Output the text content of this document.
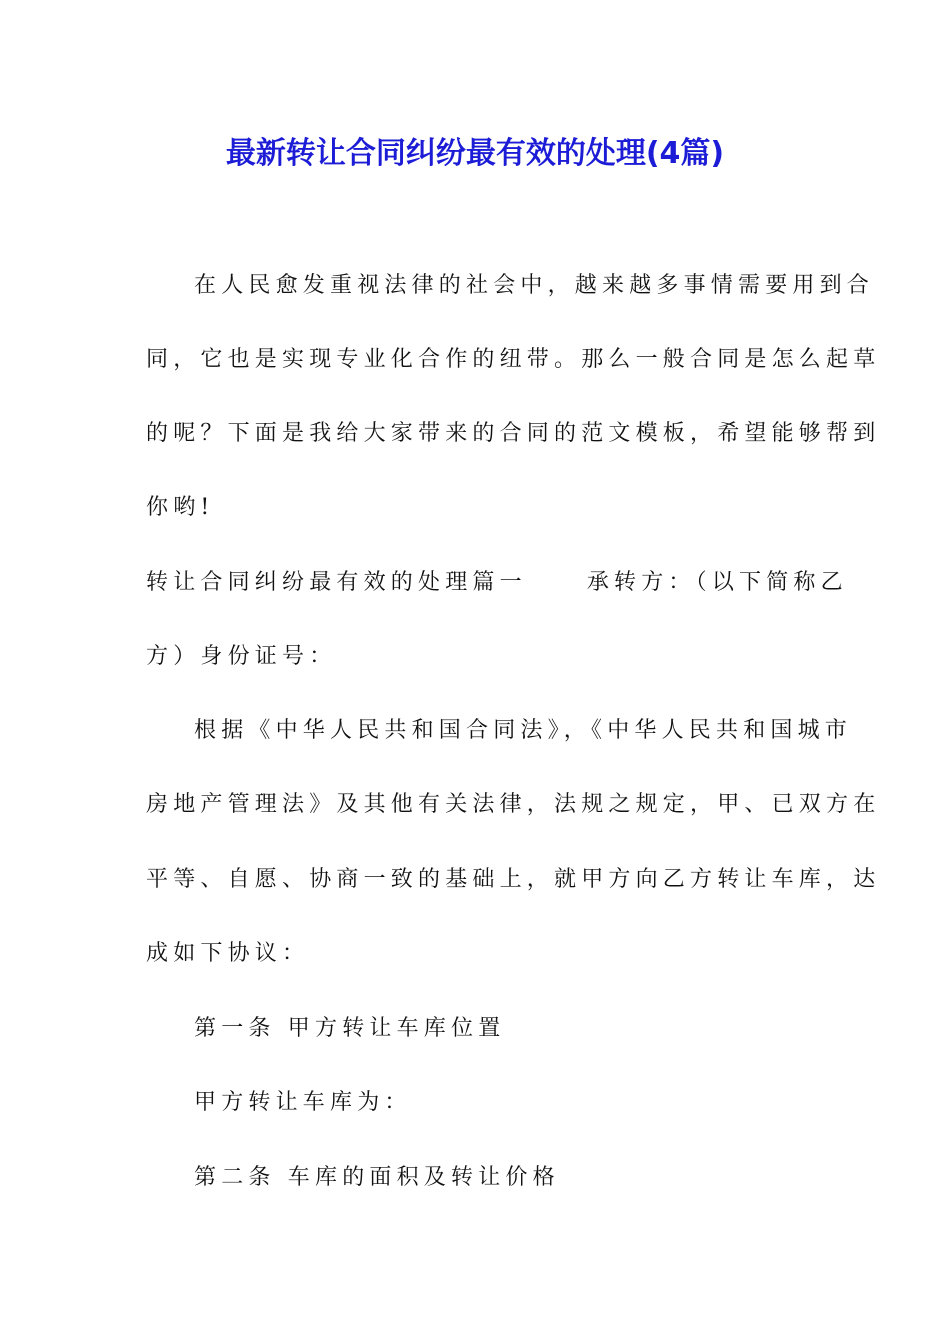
最新转让合同纠纷最有效的处理(4篇)

在人民愈发重视法律的社会中，越来越多事情需要用到合

同，它也是实现专业化合作的纽带。那么一般合同是怎么起草

的呢？下面是我给大家带来的合同的范文模板，希望能够帮到

你哟!

转让合同纠纷最有效的处理篇一	承转方：（以下简称乙

方）身份证号：

根据《中华人民共和国合同法》，《中华人民共和国城市

房地产管理法》及其他有关法律，法规之规定，甲、已双方在

平等、自愿、协商一致的基础上，就甲方向乙方转让车库，达

成如下协议：

第一条 甲方转让车库位置

甲方转让车库为：

第二条 车库的面积及转让价格
